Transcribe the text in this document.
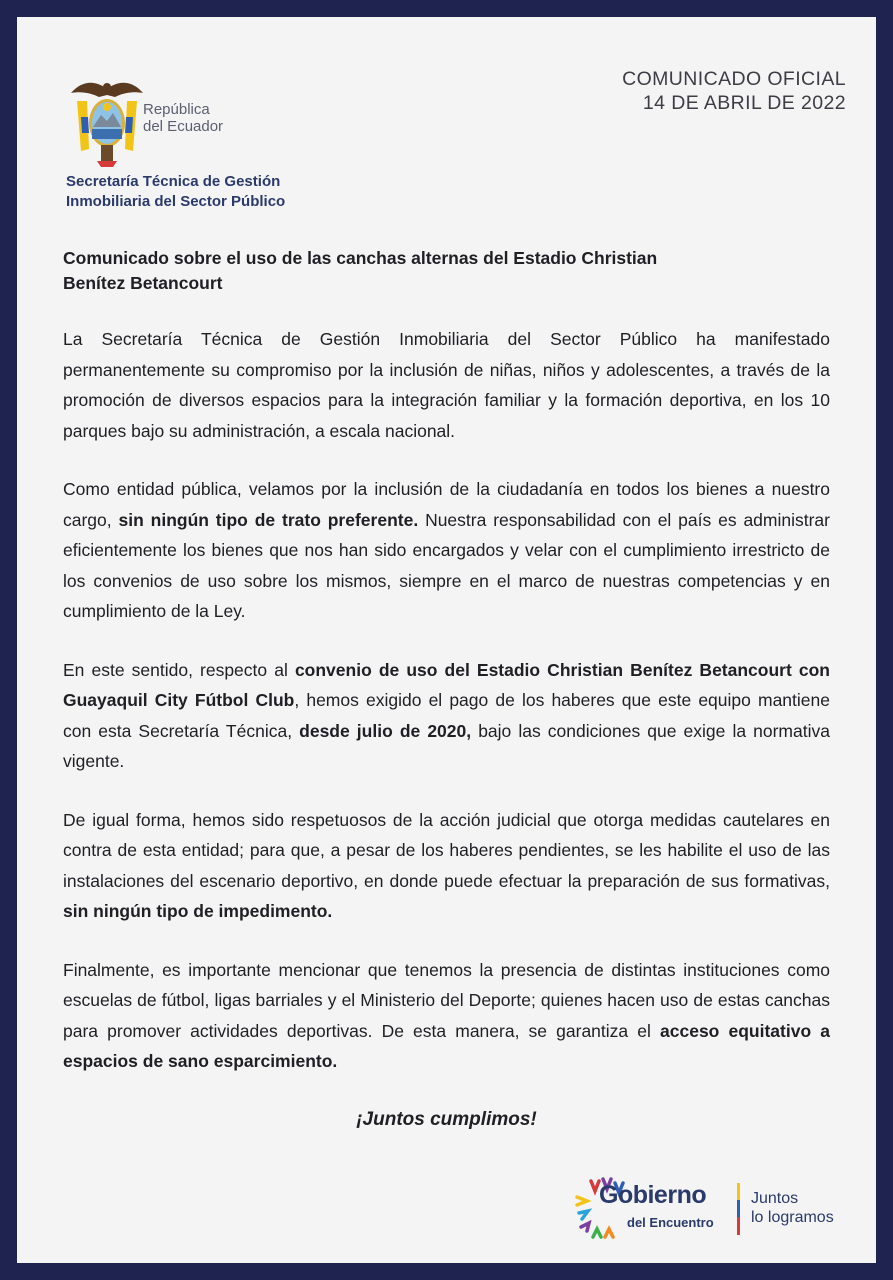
República
del Ecuador
Secretaría Técnica de Gestión
Inmobiliaria del Sector Público
COMUNICADO OFICIAL
14 DE ABRIL DE 2022
Comunicado sobre el uso de las canchas alternas del Estadio Christian
Benítez Betancourt

La Secretaría Técnica de Gestión Inmobiliaria del Sector Público ha manifestado permanentemente su compromiso por la inclusión de niñas, niños y adolescentes, a través de la promoción de diversos espacios para la integración familiar y la formación deportiva, en los 10 parques bajo su administración, a escala nacional.

Como entidad pública, velamos por la inclusión de la ciudadanía en todos los bienes a nuestro cargo, sin ningún tipo de trato preferente. Nuestra responsabilidad con el país es administrar eficientemente los bienes que nos han sido encargados y velar con el cumplimiento irrestricto de los convenios de uso sobre los mismos, siempre en el marco de nuestras competencias y en cumplimiento de la Ley.

En este sentido, respecto al convenio de uso del Estadio Christian Benítez Betancourt con Guayaquil City Fútbol Club, hemos exigido el pago de los haberes que este equipo mantiene con esta Secretaría Técnica, desde julio de 2020, bajo las condiciones que exige la normativa vigente.

De igual forma, hemos sido respetuosos de la acción judicial que otorga medidas cautelares en contra de esta entidad; para que, a pesar de los haberes pendientes, se les habilite el uso de las instalaciones del escenario deportivo, en donde puede efectuar la preparación de sus formativas, sin ningún tipo de impedimento.

Finalmente, es importante mencionar que tenemos la presencia de distintas instituciones como escuelas de fútbol, ligas barriales y el Ministerio del Deporte; quienes hacen uso de estas canchas para promover actividades deportivas. De esta manera, se garantiza el acceso equitativo a espacios de sano esparcimiento.

¡Juntos cumplimos!
Gobierno
del Encuentro
Juntos
lo logramos
